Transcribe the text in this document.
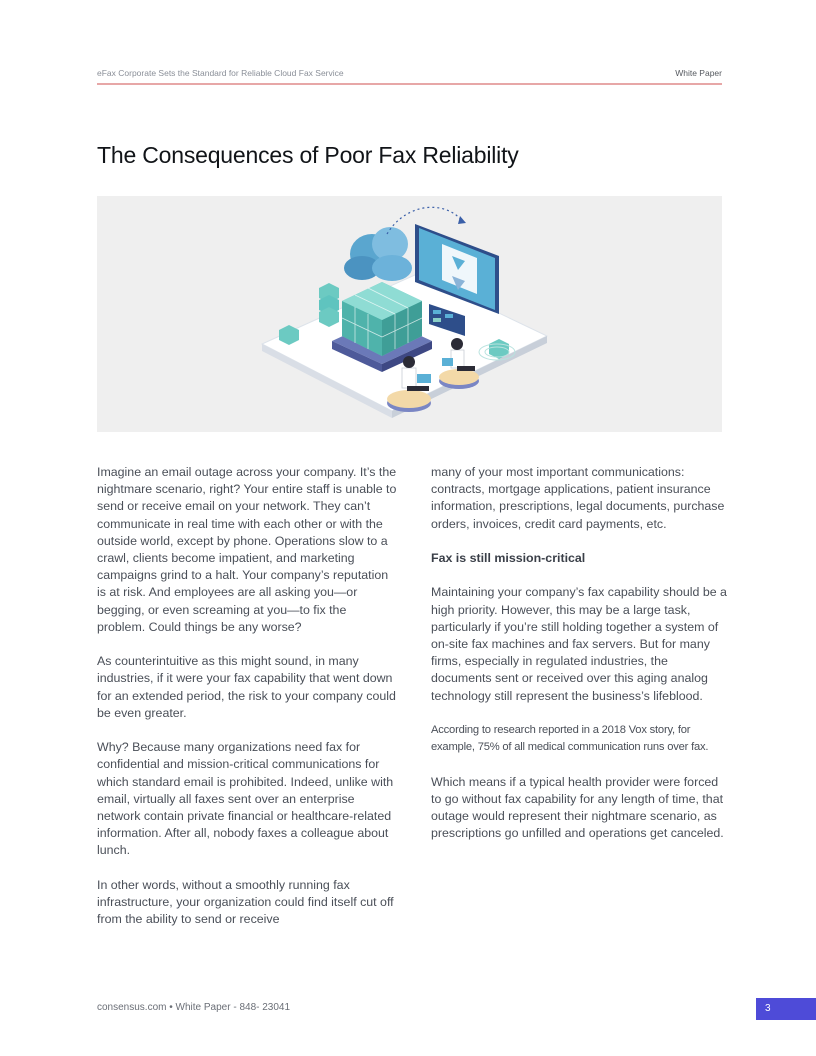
eFax Corporate Sets the Standard for Reliable Cloud Fax Service	White Paper
The Consequences of Poor Fax Reliability

Imagine an email outage across your company. It’s the nightmare scenario, right? Your entire staff is unable to send or receive email on your network. They can’t communicate in real time with each other or with the outside world, except by phone. Operations slow to a crawl, clients become impatient, and marketing campaigns grind to a halt. Your company’s reputation is at risk. And employees are all asking you—or begging, or even screaming at you—to fix the problem. Could things be any worse?

As counterintuitive as this might sound, in many industries, if it were your fax capability that went down for an extended period, the risk to your company could be even greater.

Why? Because many organizations need fax for confidential and mission-critical communications for which standard email is prohibited. Indeed, unlike with email, virtually all faxes sent over an enterprise network contain private financial or healthcare-related information. After all, nobody faxes a colleague about lunch.

In other words, without a smoothly running fax infrastructure, your organization could find itself cut off from the ability to send or receive

many of your most important communications: contracts, mortgage applications, patient insurance information, prescriptions, legal documents, purchase orders, invoices, credit card payments, etc.

Fax is still mission-critical

Maintaining your company’s fax capability should be a high priority. However, this may be a large task, particularly if you’re still holding together a system of on-site fax machines and fax servers. But for many firms, especially in regulated industries, the documents sent or received over this aging analog technology still represent the business’s lifeblood.

According to research reported in a 2018 Vox story, for example, 75% of all medical communication runs over fax.

Which means if a typical health provider were forced to go without fax capability for any length of time, that outage would represent their nightmare scenario, as prescriptions go unfilled and operations get canceled.

consensus.com • White Paper - 848- 23041	3
